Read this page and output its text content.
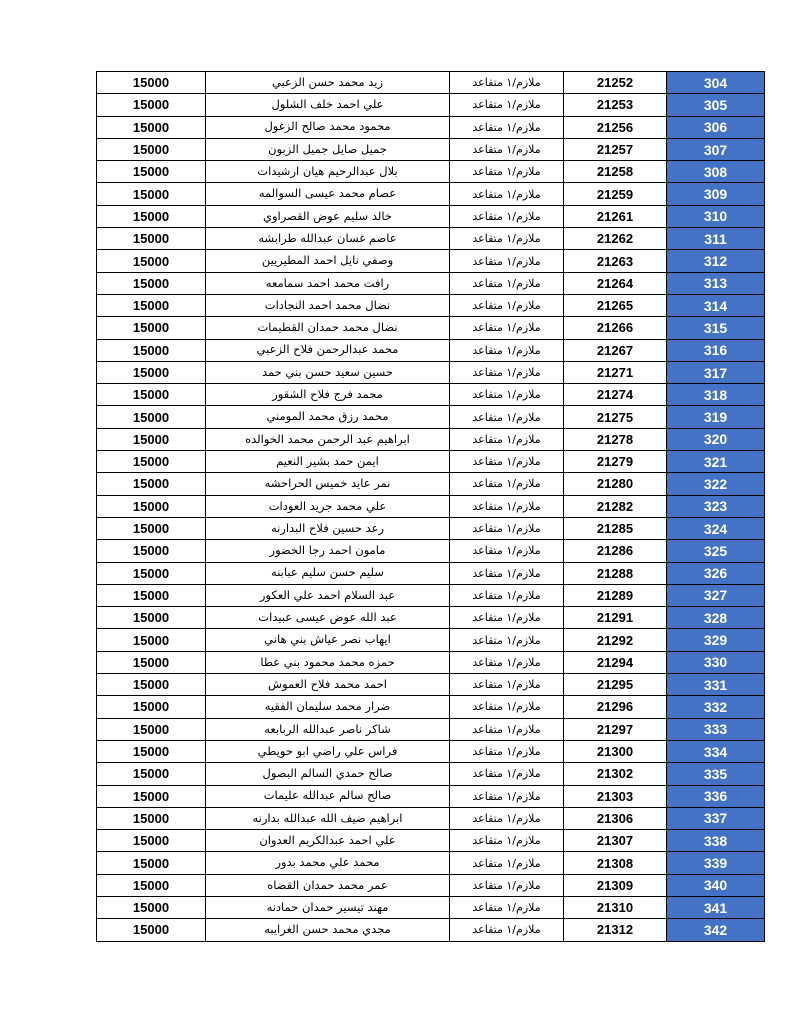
15000	زيد محمد حسن الزعبي	ملازم/١ متقاعد	21252	304
15000	علي احمد خلف الشلول	ملازم/١ متقاعد	21253	305
15000	محمود محمد صالح الزغول	ملازم/١ متقاعد	21256	306
15000	جميل صايل جميل الزبون	ملازم/١ متقاعد	21257	307
15000	بلال عبدالرحيم هيان ارشيدات	ملازم/١ متقاعد	21258	308
15000	عصام محمد عيسى السوالمه	ملازم/١ متقاعد	21259	309
15000	خالد سليم عوض القصراوي	ملازم/١ متقاعد	21261	310
15000	عاصم غسان عبدالله طرابشه	ملازم/١ متقاعد	21262	311
15000	وصفي نايل احمد المطيريين	ملازم/١ متقاعد	21263	312
15000	رافت محمد احمد سمامعه	ملازم/١ متقاعد	21264	313
15000	نضال محمد احمد النجادات	ملازم/١ متقاعد	21265	314
15000	نضال محمد حمدان القطيمات	ملازم/١ متقاعد	21266	315
15000	محمد عبدالرحمن فلاح الزعبي	ملازم/١ متقاعد	21267	316
15000	حسين سعيد حسن بني حمد	ملازم/١ متقاعد	21271	317
15000	محمد فرج فلاح الشقور	ملازم/١ متقاعد	21274	318
15000	محمد رزق محمد المومني	ملازم/١ متقاعد	21275	319
15000	ابراهيم عبد الرحمن محمد الخوالده	ملازم/١ متقاعد	21278	320
15000	ايمن حمد بشير النعيم	ملازم/١ متقاعد	21279	321
15000	نمر عايد خميس الحراحشه	ملازم/١ متقاعد	21280	322
15000	علي محمد جريد العودات	ملازم/١ متقاعد	21282	323
15000	رعد حسين فلاح البدارنه	ملازم/١ متقاعد	21285	324
15000	مامون احمد رجا الخضور	ملازم/١ متقاعد	21286	325
15000	سليم حسن سليم عبابنه	ملازم/١ متقاعد	21288	326
15000	عبد السلام احمد علي العكور	ملازم/١ متقاعد	21289	327
15000	عبد الله عوض عيسى عبيدات	ملازم/١ متقاعد	21291	328
15000	ايهاب نصر عياش بني هاني	ملازم/١ متقاعد	21292	329
15000	حمزه محمد محمود بني عطا	ملازم/١ متقاعد	21294	330
15000	احمد محمد فلاح العموش	ملازم/١ متقاعد	21295	331
15000	ضرار محمد سليمان الفقيه	ملازم/١ متقاعد	21296	332
15000	شاكر ناصر عبدالله الربابعه	ملازم/١ متقاعد	21297	333
15000	فراس علي راضي ابو حويطي	ملازم/١ متقاعد	21300	334
15000	صالح حمدي السالم البصول	ملازم/١ متقاعد	21302	335
15000	صالح سالم عبدالله عليمات	ملازم/١ متقاعد	21303	336
15000	ابراهيم ضيف الله عبدالله بدارنه	ملازم/١ متقاعد	21306	337
15000	علي احمد عبدالكريم العدوان	ملازم/١ متقاعد	21307	338
15000	محمد علي محمد بدور	ملازم/١ متقاعد	21308	339
15000	عمر محمد حمدان القضاه	ملازم/١ متقاعد	21309	340
15000	مهند تيسير حمدان حمادنه	ملازم/١ متقاعد	21310	341
15000	مجدي محمد حسن الغرايبه	ملازم/١ متقاعد	21312	342
